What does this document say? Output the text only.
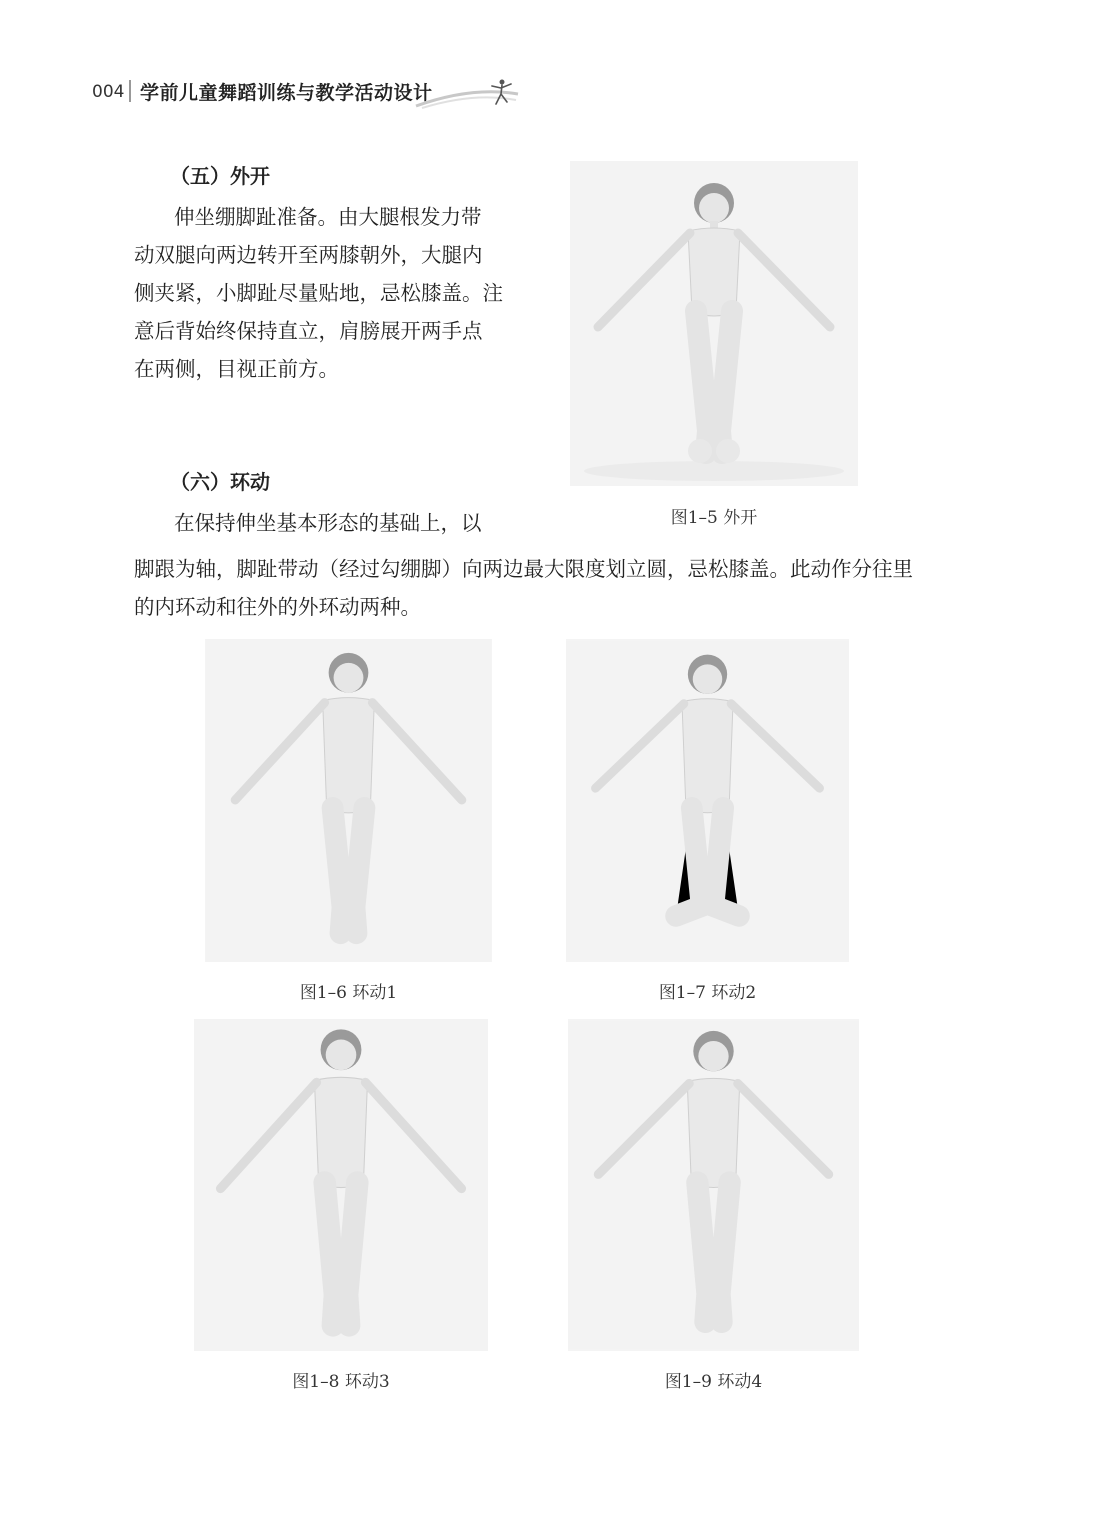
004 学前儿童舞蹈训练与教学活动设计
（五）外开
伸坐绷脚趾准备。由大腿根发力带
动双腿向两边转开至两膝朝外，大腿内
侧夹紧，小脚趾尽量贴地，忌松膝盖。注
意后背始终保持直立，肩膀展开两手点
在两侧，目视正前方。
（六）环动
在保持伸坐基本形态的基础上，以
脚跟为轴，脚趾带动（经过勾绷脚）向两边最大限度划立圆，忌松膝盖。此动作分往里
的内环动和往外的外环动两种。
图1–5 外开
图1–6 环动1	图1–7 环动2
图1–8 环动3	图1–9 环动4
